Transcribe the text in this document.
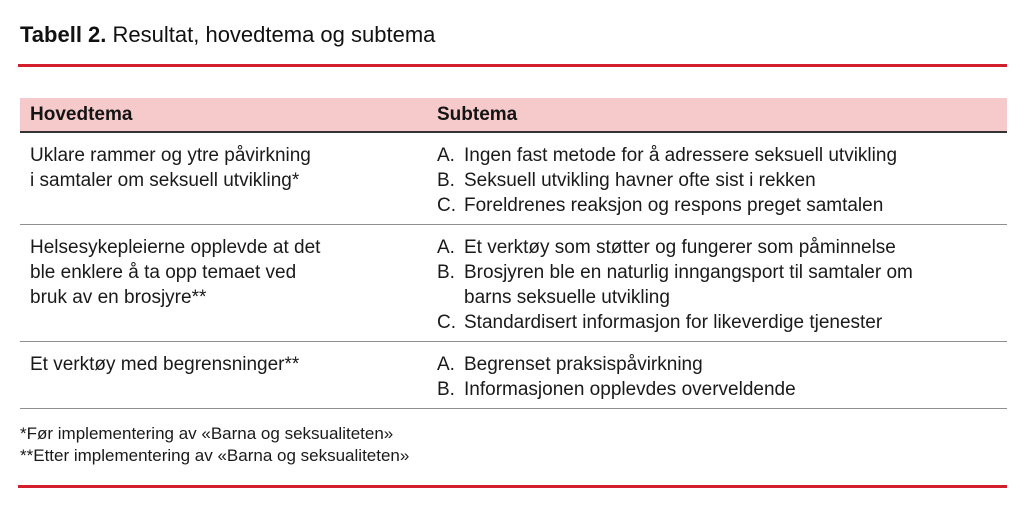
Tabell 2. Resultat, hovedtema og subtema
Hovedtema	Subtema
Uklare rammer og ytre påvirkning
i samtaler om seksuell utvikling*
A. Ingen fast metode for å adressere seksuell utvikling
B. Seksuell utvikling havner ofte sist i rekken
C. Foreldrenes reaksjon og respons preget samtalen
Helsesykepleierne opplevde at det
ble enklere å ta opp temaet ved
bruk av en brosjyre**
A. Et verktøy som støtter og fungerer som påminnelse
B. Brosjyren ble en naturlig inngangsport til samtaler om barns seksuelle utvikling
C. Standardisert informasjon for likeverdige tjenester
Et verktøy med begrensninger**	A. Begrenset praksispåvirkning
B. Informasjonen opplevdes overveldende
*Før implementering av «Barna og seksualiteten»
**Etter implementering av «Barna og seksualiteten»
